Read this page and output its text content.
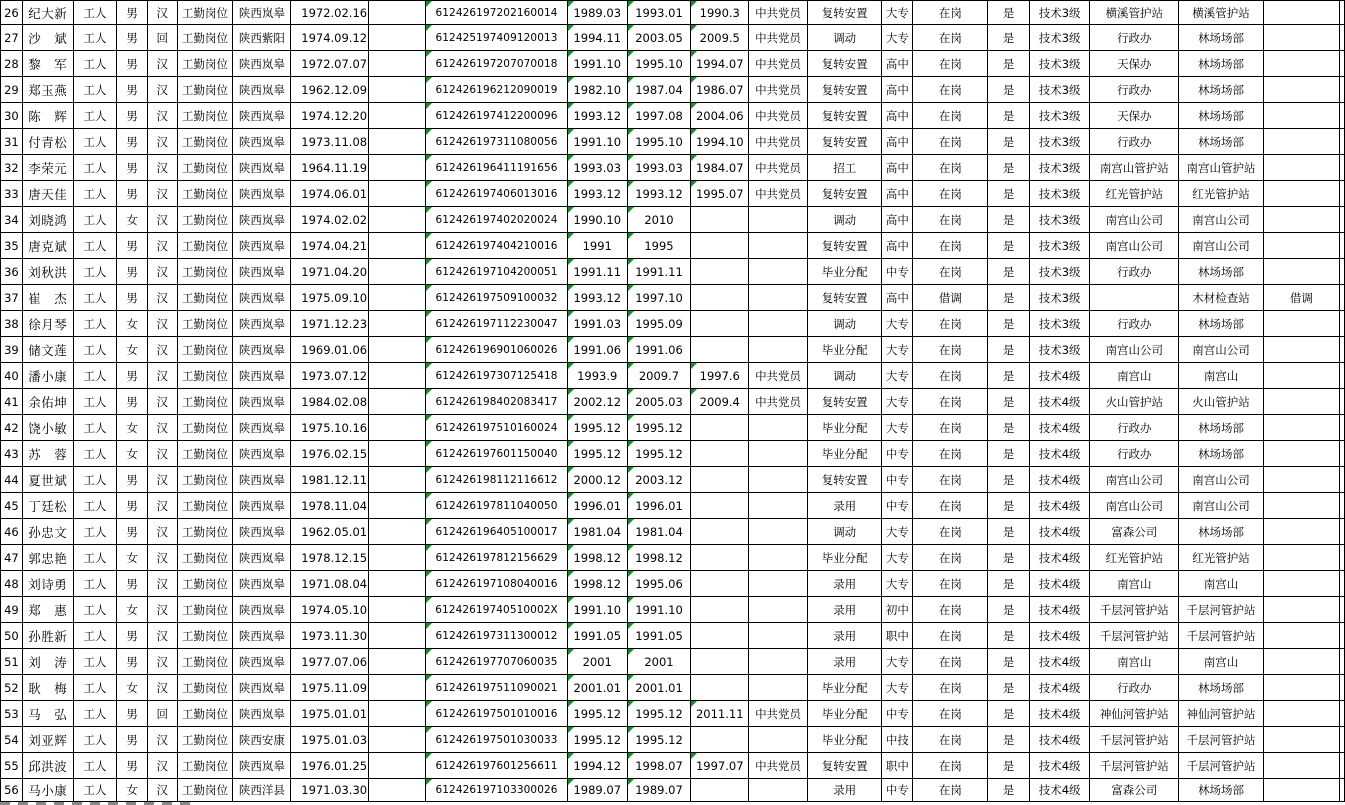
26	纪大新	工人	男	汉	工勤岗位	陕西岚皋	1972.02.16		612426197202160014	1989.03	1993.01	1990.3	中共党员	复转安置	大专	在岗	是	技术3级	横溪管护站	横溪管护站		
27	沙　斌	工人	男	回	工勤岗位	陕西紫阳	1974.09.12		612425197409120013	1994.11	2003.05	2009.5	中共党员	调动	大专	在岗	是	技术3级	行政办	林场场部		
28	黎　军	工人	男	汉	工勤岗位	陕西岚皋	1972.07.07		612426197207070018	1991.10	1995.10	1994.07	中共党员	复转安置	高中	在岗	是	技术3级	天保办	林场场部		
29	郑玉燕	工人	男	汉	工勤岗位	陕西岚皋	1962.12.09		612426196212090019	1982.10	1987.04	1986.07	中共党员	复转安置	高中	在岗	是	技术3级	行政办	林场场部		
30	陈　辉	工人	男	汉	工勤岗位	陕西岚皋	1974.12.20		612426197412200096	1993.12	1997.08	2004.06	中共党员	复转安置	高中	在岗	是	技术3级	天保办	林场场部		
31	付青松	工人	男	汉	工勤岗位	陕西岚皋	1973.11.08		612426197311080056	1991.10	1995.10	1994.10	中共党员	复转安置	高中	在岗	是	技术3级	行政办	林场场部		
32	李荣元	工人	男	汉	工勤岗位	陕西岚皋	1964.11.19		612426196411191656	1993.03	1993.03	1984.07	中共党员	招工	高中	在岗	是	技术3级	南宫山管护站	南宫山管护站		
33	唐天佳	工人	男	汉	工勤岗位	陕西岚皋	1974.06.01		612426197406013016	1993.12	1993.12	1995.07	中共党员	复转安置	高中	在岗	是	技术3级	红光管护站	红光管护站		
34	刘晓鸿	工人	女	汉	工勤岗位	陕西岚皋	1974.02.02		612426197402020024	1990.10	2010			调动	高中	在岗	是	技术3级	南宫山公司	南宫山公司		
35	唐克斌	工人	男	汉	工勤岗位	陕西岚皋	1974.04.21		612426197404210016	1991	1995			复转安置	高中	在岗	是	技术3级	南宫山公司	南宫山公司		
36	刘秋洪	工人	男	汉	工勤岗位	陕西岚皋	1971.04.20		612426197104200051	1991.11	1991.11			毕业分配	中专	在岗	是	技术3级	行政办	林场场部		
37	崔　杰	工人	男	汉	工勤岗位	陕西岚皋	1975.09.10		612426197509100032	1993.12	1997.10			复转安置	高中	借调	是	技术3级		木材检查站	借调	
38	徐月琴	工人	女	汉	工勤岗位	陕西岚皋	1971.12.23		612426197112230047	1991.03	1995.09			调动	大专	在岗	是	技术3级	行政办	林场场部		
39	储文莲	工人	女	汉	工勤岗位	陕西岚皋	1969.01.06		612426196901060026	1991.06	1991.06			毕业分配	大专	在岗	是	技术3级	南宫山公司	南宫山公司		
40	潘小康	工人	男	汉	工勤岗位	陕西岚皋	1973.07.12		612426197307125418	1993.9	2009.7	1997.6	中共党员	调动	大专	在岗	是	技术4级	南宫山	南宫山		
41	余佑坤	工人	男	汉	工勤岗位	陕西岚皋	1984.02.08		612426198402083417	2002.12	2005.03	2009.4	中共党员	复转安置	大专	在岗	是	技术4级	火山管护站	火山管护站		
42	饶小敏	工人	女	汉	工勤岗位	陕西岚皋	1975.10.16		612426197510160024	1995.12	1995.12			毕业分配	大专	在岗	是	技术4级	行政办	林场场部		
43	苏　蓉	工人	女	汉	工勤岗位	陕西岚皋	1976.02.15		612426197601150040	1995.12	1995.12			毕业分配	中专	在岗	是	技术4级	行政办	林场场部		
44	夏世斌	工人	男	汉	工勤岗位	陕西岚皋	1981.12.11		612426198112116612	2000.12	2003.12			复转安置	中专	在岗	是	技术4级	南宫山公司	南宫山公司		
45	丁廷松	工人	男	汉	工勤岗位	陕西岚皋	1978.11.04		612426197811040050	1996.01	1996.01			录用	中专	在岗	是	技术4级	南宫山公司	南宫山公司		
46	孙忠文	工人	男	汉	工勤岗位	陕西岚皋	1962.05.01		612426196405100017	1981.04	1981.04			调动	大专	在岗	是	技术4级	富森公司	林场场部		
47	郭忠艳	工人	女	汉	工勤岗位	陕西岚皋	1978.12.15		612426197812156629	1998.12	1998.12			毕业分配	大专	在岗	是	技术4级	红光管护站	红光管护站		
48	刘诗勇	工人	男	汉	工勤岗位	陕西岚皋	1971.08.04		612426197108040016	1998.12	1995.06			录用	大专	在岗	是	技术4级	南宫山	南宫山		
49	郑　惠	工人	女	汉	工勤岗位	陕西岚皋	1974.05.10		61242619740510002X	1991.10	1991.10			录用	初中	在岗	是	技术4级	千层河管护站	千层河管护站		
50	孙胜新	工人	男	汉	工勤岗位	陕西岚皋	1973.11.30		612426197311300012	1991.05	1991.05			录用	职中	在岗	是	技术4级	千层河管护站	千层河管护站		
51	刘　涛	工人	男	汉	工勤岗位	陕西岚皋	1977.07.06		612426197707060035	2001	2001			录用	大专	在岗	是	技术4级	南宫山	南宫山		
52	耿　梅	工人	女	汉	工勤岗位	陕西岚皋	1975.11.09		612426197511090021	2001.01	2001.01			毕业分配	大专	在岗	是	技术4级	行政办	林场场部		
53	马　弘	工人	男	回	工勤岗位	陕西岚皋	1975.01.01		612426197501010016	1995.12	1995.12	2011.11	中共党员	毕业分配	中专	在岗	是	技术4级	神仙河管护站	神仙河管护站		
54	刘亚辉	工人	男	汉	工勤岗位	陕西安康	1975.01.03		612426197501030033	1995.12	1995.12			毕业分配	中技	在岗	是	技术4级	千层河管护站	千层河管护站		
55	邱洪波	工人	男	汉	工勤岗位	陕西岚皋	1976.01.25		612426197601256611	1994.12	1998.07	1997.07	中共党员	复转安置	职中	在岗	是	技术4级	千层河管护站	千层河管护站		
56	马小康	工人	女	汉	工勤岗位	陕西洋县	1971.03.30		612426197103300026	1989.07	1989.07			录用	中专	在岗	是	技术4级	富森公司	林场场部		
